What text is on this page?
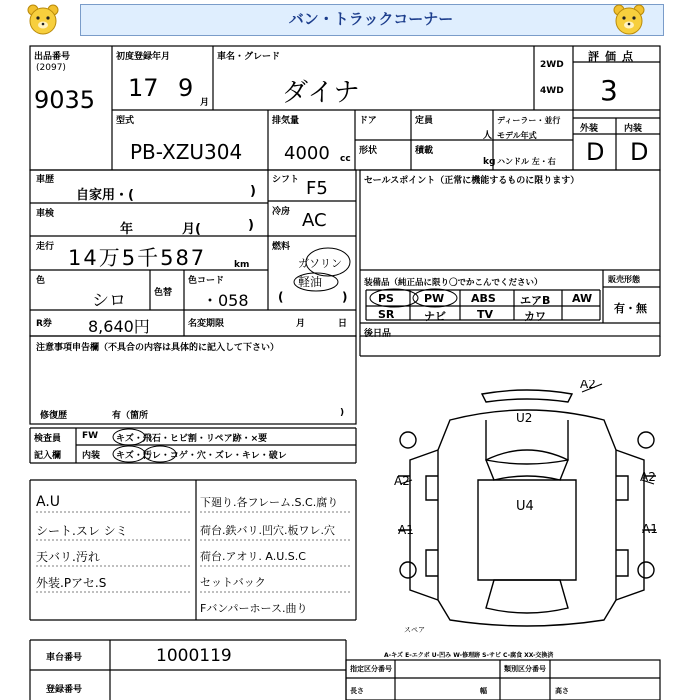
バン・トラックコーナー
出品番号
(2097)
9035
初度登録年月
17 9
月
車名・グレード
ダイナ
2WD
4WD
評価点
3
外装	内装
D D
型式
PB-XZU304
排気量
4000 cc
ドア	定員
人
形状	積載
kg
ディーラー・並行
モデル年式
ハンドル 左・右
車歴
自家用・(	)
シフト F5
冷房 AC
車検
年	月(	)
走行 14万5千587	km
燃料
ガソリン
軽油
(	)
色
シロ	色替
色コード
・058
R券 8,640円	名変期限	月	日
セールスポイント（正常に機能するものに限ります）
装備品（純正品に限り〇でかこんでください）	販売形態
有・無
PS	PW ABS エアB AW
SR	ナビ	TV	カワ
後日品
注意事項申告欄（不具合の内容は具体的に記入して下さい）
修復歴	有（箇所	)
検査員
記入欄
FW
内装
キズ・飛石・ヒビ割・リペア跡・×要
キズ・汚レ・コゲ・穴・ズレ・キレ・破レ
A.U
シート.スレ シミ
天バリ.汚れ
外装.Pアセ.S
下廻り.各フレーム.S.C.腐り
荷台.鉄バリ.凹穴.板ワレ.穴
荷台.アオリ. A.U.S.C
セットバック
Fバンパーホース.曲り
A2
U2
A2	A2
A1	A1
U4
スペア
A-キズ E-エクボ U-凹み W-修理跡 S-サビ C-腐食 XX-交換済
車台番号	1000119
登録番号
指定区分番号	類別区分番号
長さ	幅	高さ
